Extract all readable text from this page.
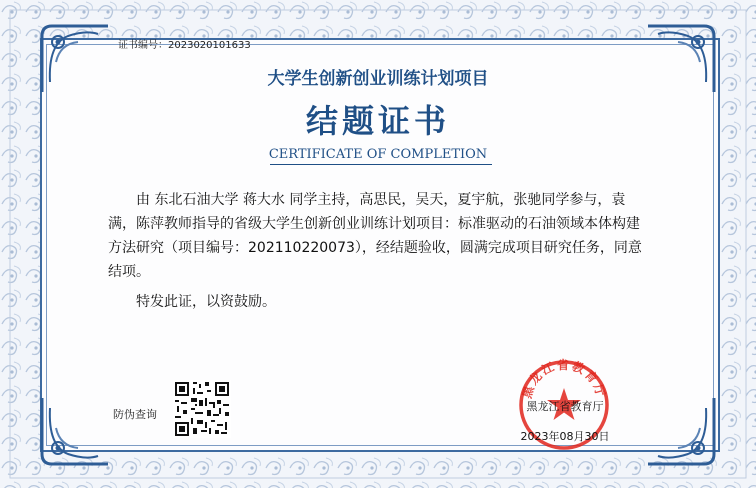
证书编号：2023020101633
大学生创新创业训练计划项目
结题证书
CERTIFICATE OF COMPLETION

由 东北石油大学 蒋大水 同学主持，高思民，吴天，夏宇航，张驰同学参与，袁满，陈萍教师指导的省级大学生创新创业训练计划项目：标准驱动的石油领域本体构建方法研究（项目编号：202110220073），经结题验收，圆满完成项目研究任务，同意结项。

特发此证，以资鼓励。
防伪查询
黑龙江省教育厅
黑龙江省教育厅
2023年08月30日
